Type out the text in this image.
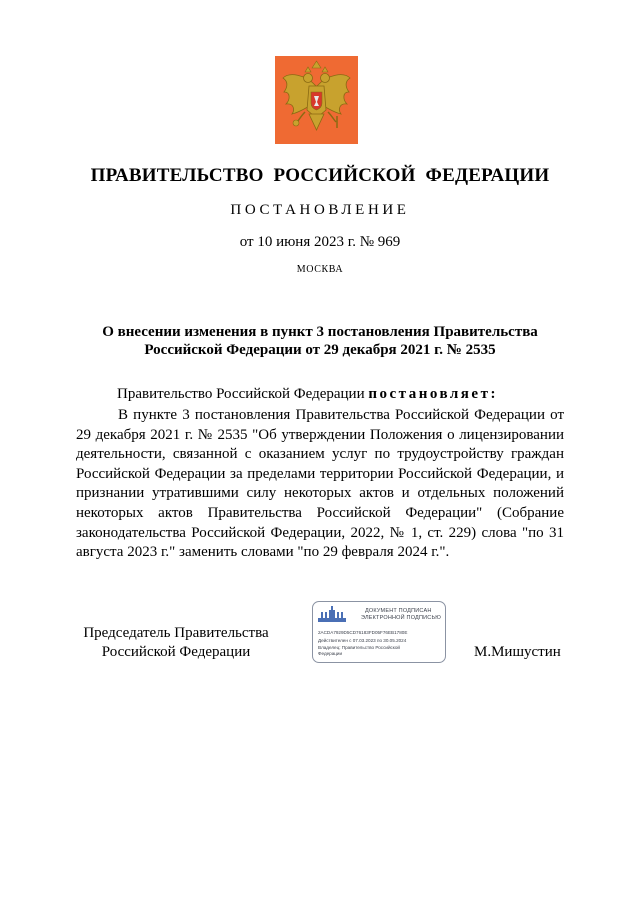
ПРАВИТЕЛЬСТВО РОССИЙСКОЙ ФЕДЕРАЦИИ
ПОСТАНОВЛЕНИЕ
от 10 июня 2023 г. № 969
МОСКВА
О внесении изменения в пункт 3 постановления Правительства
Российской Федерации от 29 декабря 2021 г. № 2535
Правительство Российской Федерации постановляет:
В пункте 3 постановления Правительства Российской Федерации от 29 декабря 2021 г. № 2535 "Об утверждении Положения о лицензировании деятельности, связанной с оказанием услуг по трудоустройству граждан Российской Федерации за пределами территории Российской Федерации, и признании утратившими силу некоторых актов и отдельных положений некоторых актов Правительства Российской Федерации" (Собрание законодательства Российской Федерации, 2022, № 1, ст. 229) слова "по 31 августа 2023 г." заменить словами "по 29 февраля 2024 г.".
Председатель Правительства
Российской Федерации
ДОКУМЕНТ ПОДПИСАН
ЭЛЕКТРОННОЙ ПОДПИСЬЮ
2ACDA7929D5CD76183FD05F76EB1780E
Действителен с 07.03.2023 по 30.05.2024
Владелец: Правительство Российской
Федерации	М.Мишустин
